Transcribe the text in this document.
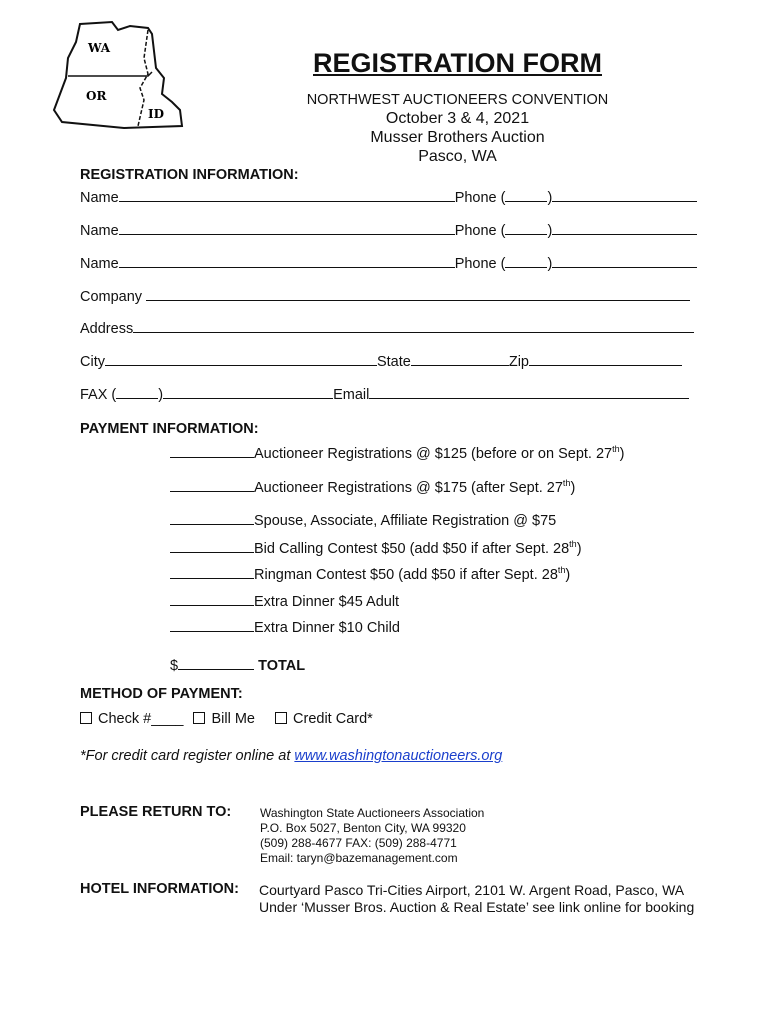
WA
OR
ID
REGISTRATION FORM
NORTHWEST AUCTIONEERS CONVENTION
October 3 & 4, 2021
Musser Brothers Auction
Pasco, WA
REGISTRATION INFORMATION:
Name	Phone (	)
Name	Phone (	)
Name	Phone (	)
Company
Address
City	State	Zip
FAX (	)	Email
PAYMENT INFORMATION:
Auctioneer Registrations @ $125 (before or on Sept. 27th)
Auctioneer Registrations @ $175 (after Sept. 27th)
Spouse, Associate, Affiliate Registration @ $75
Bid Calling Contest $50 (add $50 if after Sept. 28th)
Ringman Contest $50 (add $50 if after Sept. 28th)
Extra Dinner $45 Adult
Extra Dinner $10 Child
$	TOTAL
METHOD OF PAYMENT:
Check #____ Bill Me	Credit Card*
*For credit card register online at www.washingtonauctioneers.org
PLEASE RETURN TO: Washington State Auctioneers Association
P.O. Box 5027, Benton City, WA 99320
(509) 288-4677 FAX: (509) 288-4771
Email: taryn@bazemanagement.com
HOTEL INFORMATION: Courtyard Pasco Tri-Cities Airport, 2101 W. Argent Road, Pasco, WA
Under ‘Musser Bros. Auction & Real Estate’ see link online for booking
